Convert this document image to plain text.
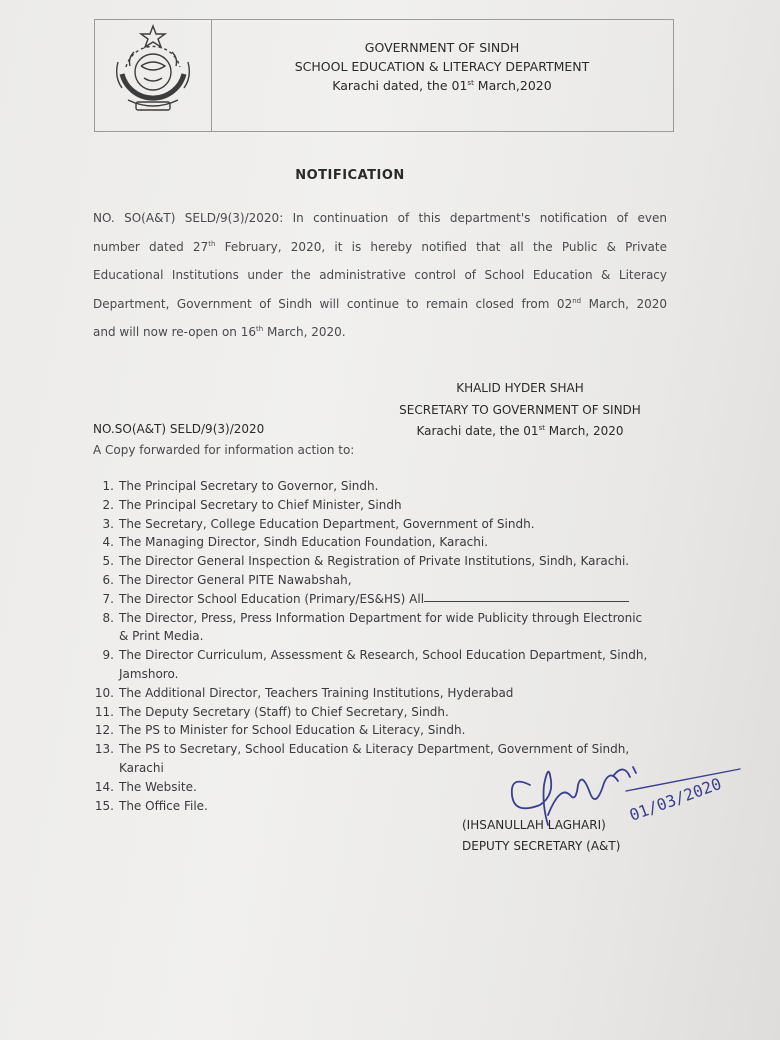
GOVERNMENT OF SINDH
SCHOOL EDUCATION & LITERACY DEPARTMENT
Karachi dated, the 01st March,2020
NOTIFICATION
NO. SO(A&T) SELD/9(3)/2020: In continuation of this department's notification of even
number dated 27th February, 2020, it is hereby notified that all the Public & Private
Educational Institutions under the administrative control of School Education & Literacy
Department, Government of Sindh will continue to remain closed from 02nd March, 2020
and will now re-open on 16th March, 2020.
KHALID HYDER SHAH
SECRETARY TO GOVERNMENT OF SINDH
Karachi date, the 01st March, 2020
NO.SO(A&T) SELD/9(3)/2020
A Copy forwarded for information action to:
1. The Principal Secretary to Governor, Sindh.
2. The Principal Secretary to Chief Minister, Sindh
3. The Secretary, College Education Department, Government of Sindh.
4. The Managing Director, Sindh Education Foundation, Karachi.
5. The Director General Inspection & Registration of Private Institutions, Sindh, Karachi.
6. The Director General PITE Nawabshah,
7. The Director School Education (Primary/ES&HS) All
8. The Director, Press, Press Information Department for wide Publicity through Electronic
& Print Media.
9. The Director Curriculum, Assessment & Research, School Education Department, Sindh,
Jamshoro.
10. The Additional Director, Teachers Training Institutions, Hyderabad
11. The Deputy Secretary (Staff) to Chief Secretary, Sindh.
12. The PS to Minister for School Education & Literacy, Sindh.
13. The PS to Secretary, School Education & Literacy Department, Government of Sindh,
Karachi
14. The Website.
15. The Office File.	01/03/2020
(IHSANULLAH LAGHARI)
DEPUTY SECRETARY (A&T)
